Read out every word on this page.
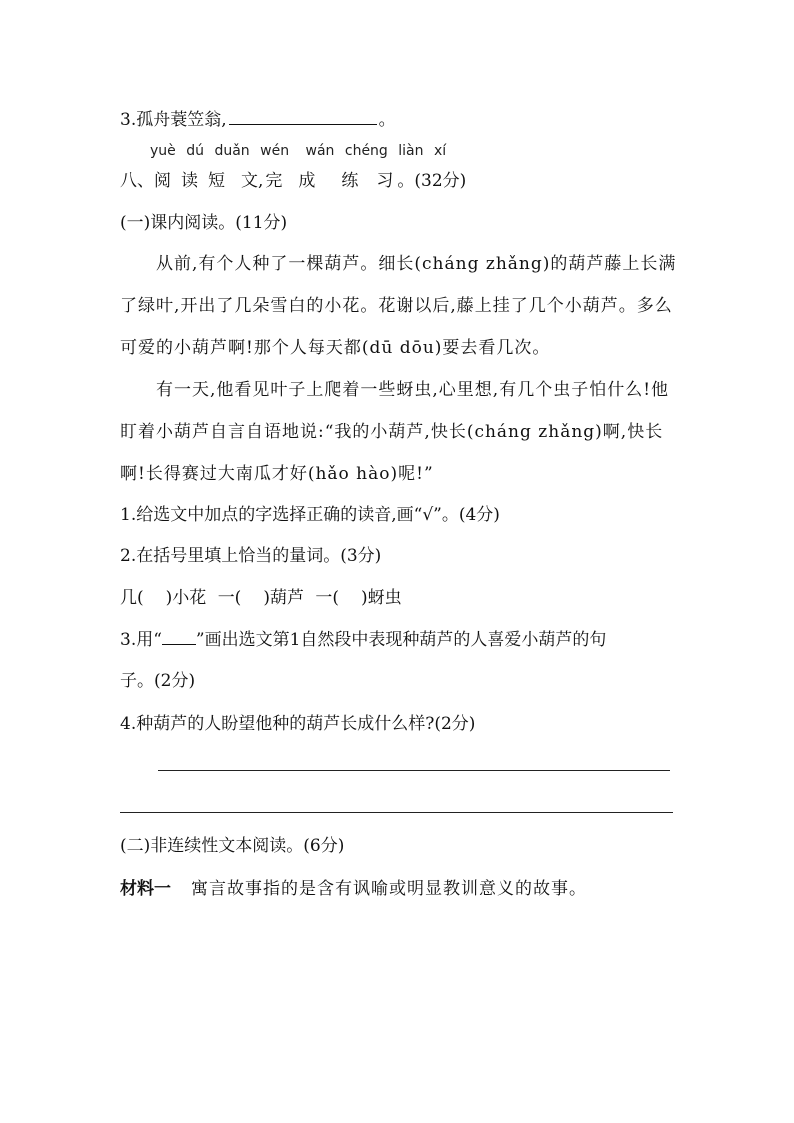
3.孤舟蓑笠翁,	。
yuè dú duǎn wén wán chéng liàn xí
八、阅 读 短 文, 完 成 练 习 。(32分)
(一)课内阅读。(11分)
从前,有个人种了一棵葫芦。细长(cháng zhǎng)的葫芦藤上长满了绿叶,开出了几朵雪白的小花。花谢以后,藤上挂了几个小葫芦。多么可爱的小葫芦啊!那个人每天都(dū dōu)要去看几次。
有一天,他看见叶子上爬着一些蚜虫,心里想,有几个虫子怕什么!他盯着小葫芦自言自语地说:“我的小葫芦,快长(cháng zhǎng)啊,快长啊!长得赛过大南瓜才好(hǎo hào)呢!”
1.给选文中加点的字选择正确的读音,画“√”。(4分)
2.在括号里填上恰当的量词。(3分)
几( )小花 一( )葫芦 一( )蚜虫
3.用“ ”画出选文第1自然段中表现种葫芦的人喜爱小葫芦的句
子。(2分)
4.种葫芦的人盼望他种的葫芦长成什么样?(2分)
(二)非连续性文本阅读。(6分)
材料一 寓言故事指的是含有讽喻或明显教训意义的故事。
